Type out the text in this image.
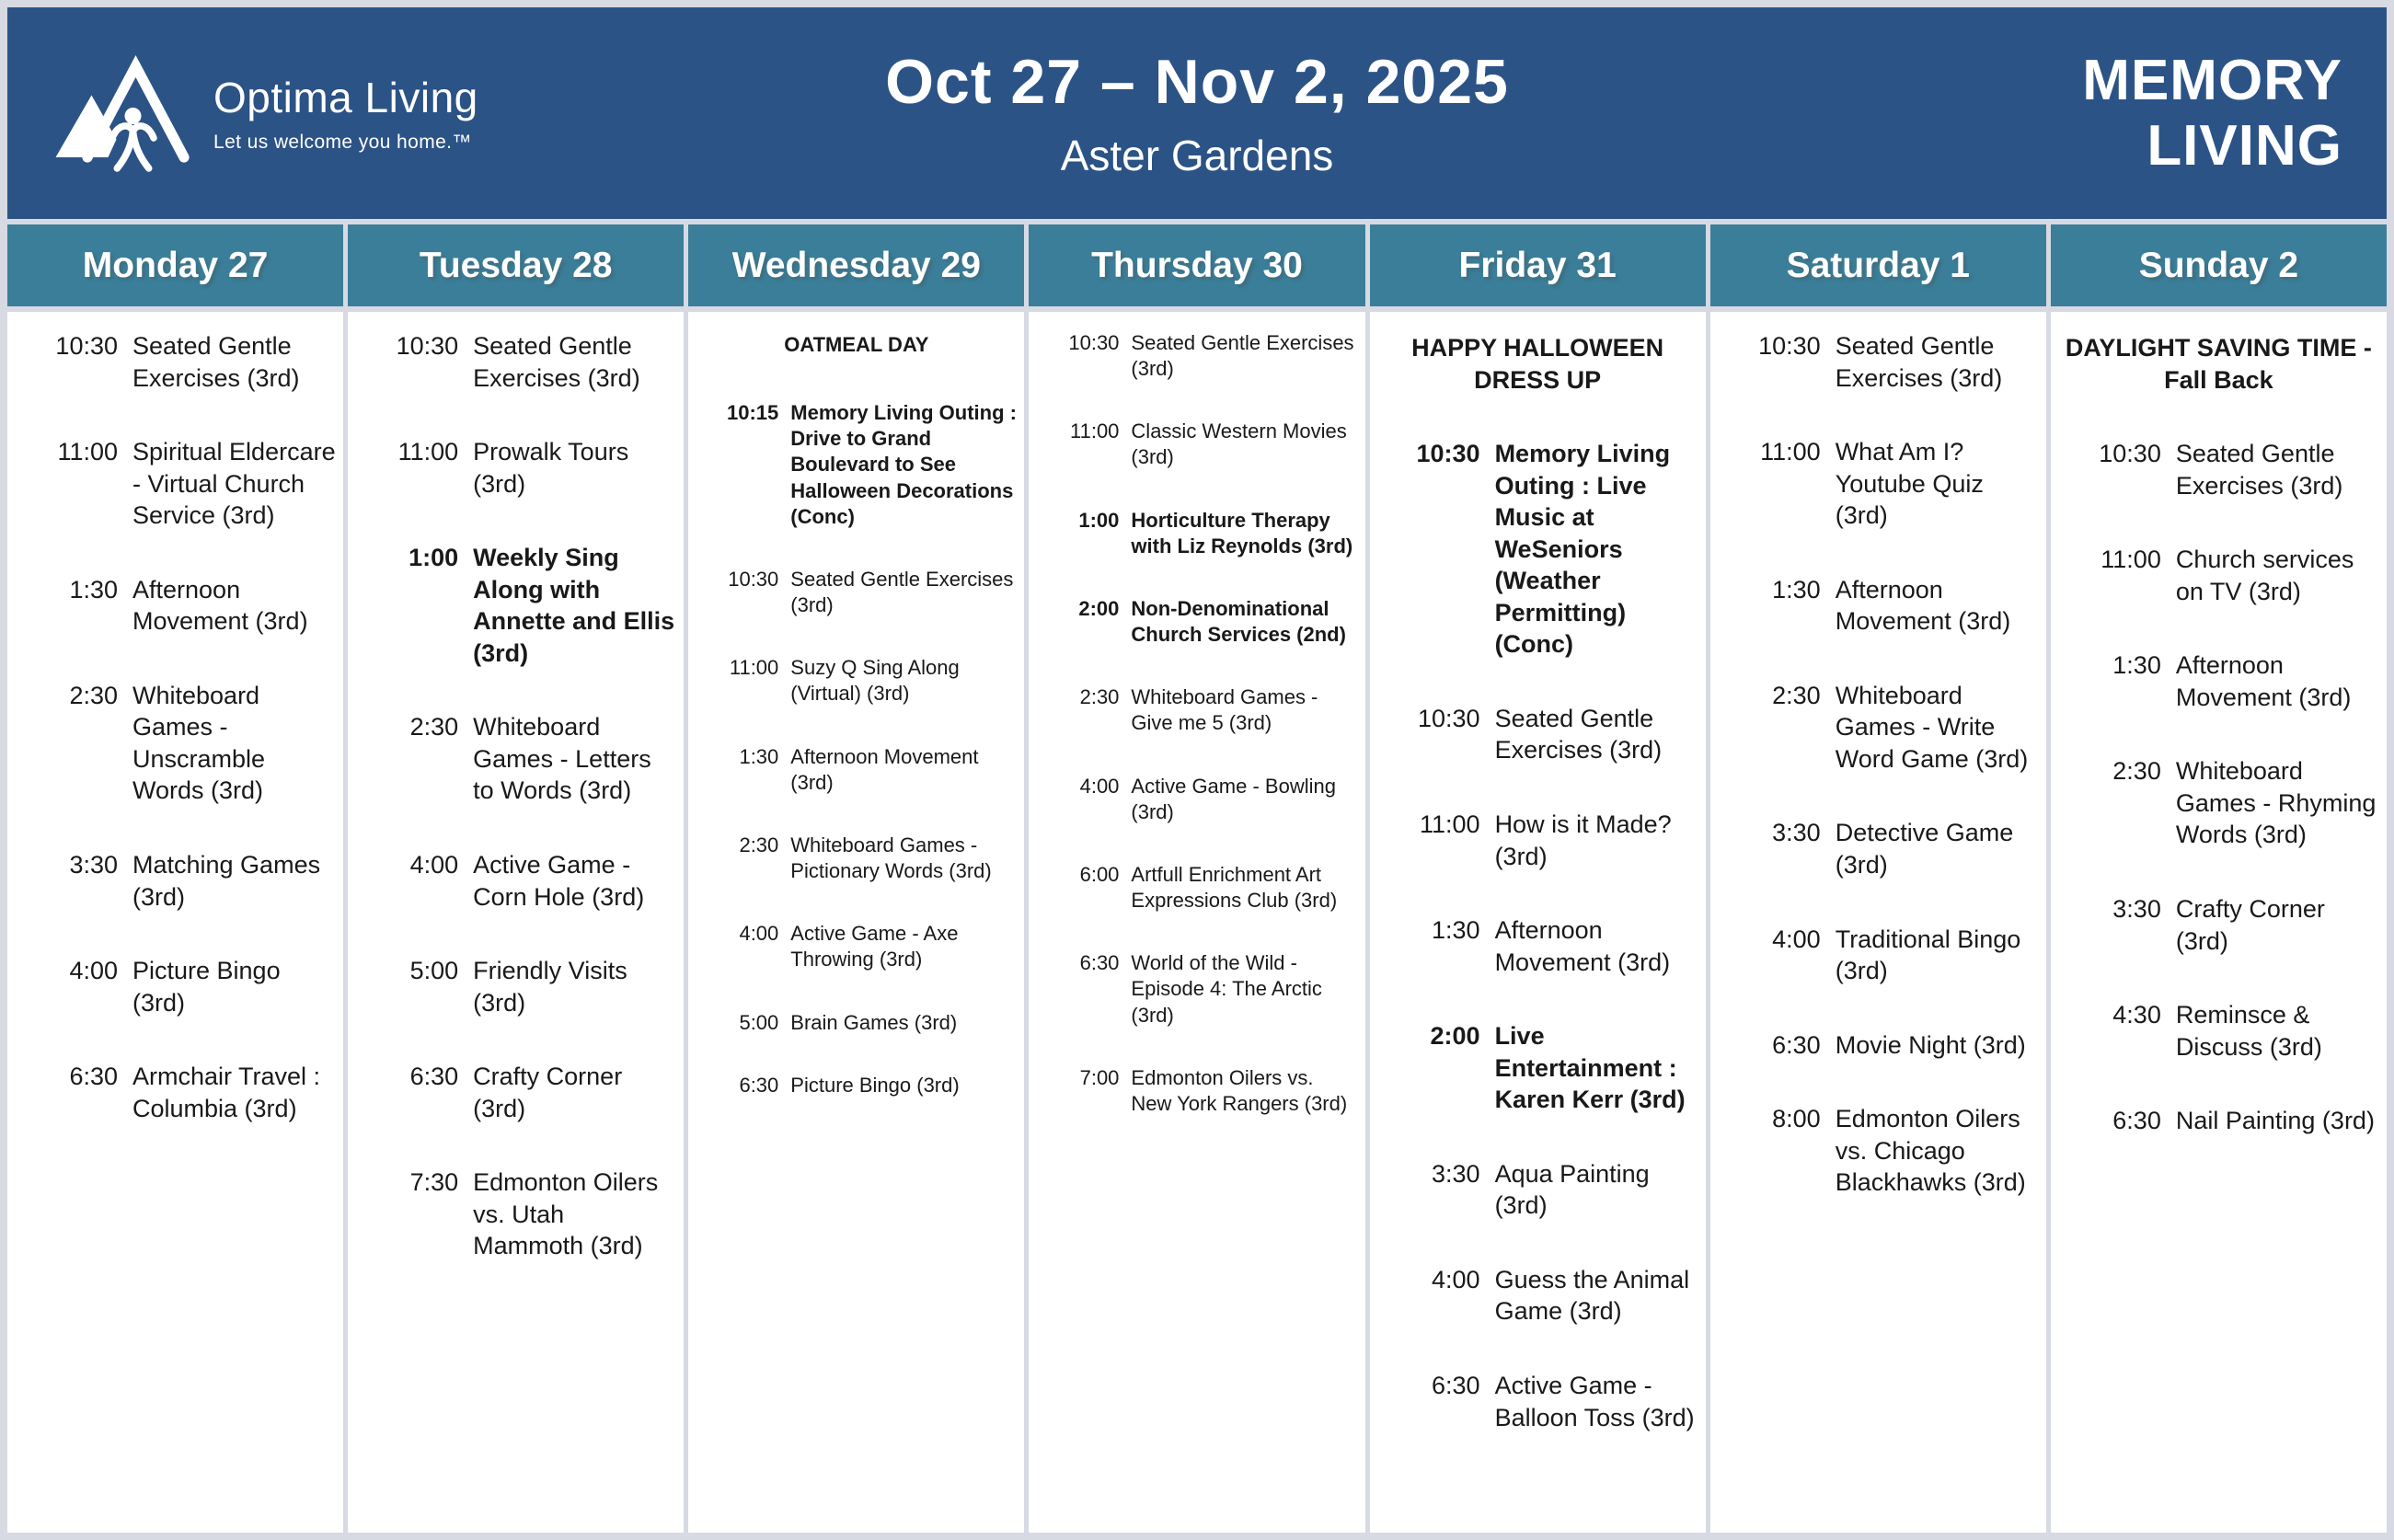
Optima Living
Let us welcome you home.™
Oct 27 – Nov 2, 2025
Aster Gardens
MEMORY LIVING
Monday 27
10:30 Seated Gentle Exercises (3rd)
11:00 Spiritual Eldercare - Virtual Church Service (3rd)
1:30 Afternoon Movement (3rd)
2:30 Whiteboard Games - Unscramble Words (3rd)
3:30 Matching Games (3rd)
4:00 Picture Bingo (3rd)
6:30 Armchair Travel : Columbia (3rd)
Tuesday 28
10:30 Seated Gentle Exercises (3rd)
11:00 Prowalk Tours (3rd)
1:00 Weekly Sing Along with Annette and Ellis (3rd)
2:30 Whiteboard Games - Letters to Words (3rd)
4:00 Active Game - Corn Hole (3rd)
5:00 Friendly Visits (3rd)
6:30 Crafty Corner (3rd)
7:30 Edmonton Oilers vs. Utah Mammoth (3rd)
Wednesday 29
OATMEAL DAY
10:15 Memory Living Outing : Drive to Grand Boulevard to See Halloween Decorations (Conc)
10:30 Seated Gentle Exercises (3rd)
11:00 Suzy Q Sing Along (Virtual) (3rd)
1:30 Afternoon Movement (3rd)
2:30 Whiteboard Games - Pictionary Words (3rd)
4:00 Active Game - Axe Throwing (3rd)
5:00 Brain Games (3rd)
6:30 Picture Bingo (3rd)
Thursday 30
10:30 Seated Gentle Exercises (3rd)
11:00 Classic Western Movies (3rd)
1:00 Horticulture Therapy with Liz Reynolds (3rd)
2:00 Non-Denominational Church Services (2nd)
2:30 Whiteboard Games - Give me 5 (3rd)
4:00 Active Game - Bowling (3rd)
6:00 Artfull Enrichment Art Expressions Club (3rd)
6:30 World of the Wild - Episode 4: The Arctic (3rd)
7:00 Edmonton Oilers vs. New York Rangers (3rd)
Friday 31
HAPPY HALLOWEEN DRESS UP
10:30 Memory Living Outing : Live Music at WeSeniors (Weather Permitting) (Conc)
10:30 Seated Gentle Exercises (3rd)
11:00 How is it Made? (3rd)
1:30 Afternoon Movement (3rd)
2:00 Live Entertainment : Karen Kerr (3rd)
3:30 Aqua Painting (3rd)
4:00 Guess the Animal Game (3rd)
6:30 Active Game - Balloon Toss (3rd)
Saturday 1
10:30 Seated Gentle Exercises (3rd)
11:00 What Am I? Youtube Quiz (3rd)
1:30 Afternoon Movement (3rd)
2:30 Whiteboard Games - Write Word Game (3rd)
3:30 Detective Game (3rd)
4:00 Traditional Bingo (3rd)
6:30 Movie Night (3rd)
8:00 Edmonton Oilers vs. Chicago Blackhawks (3rd)
Sunday 2
DAYLIGHT SAVING TIME - Fall Back
10:30 Seated Gentle Exercises (3rd)
11:00 Church services on TV (3rd)
1:30 Afternoon Movement (3rd)
2:30 Whiteboard Games - Rhyming Words (3rd)
3:30 Crafty Corner (3rd)
4:30 Reminsce & Discuss (3rd)
6:30 Nail Painting (3rd)
